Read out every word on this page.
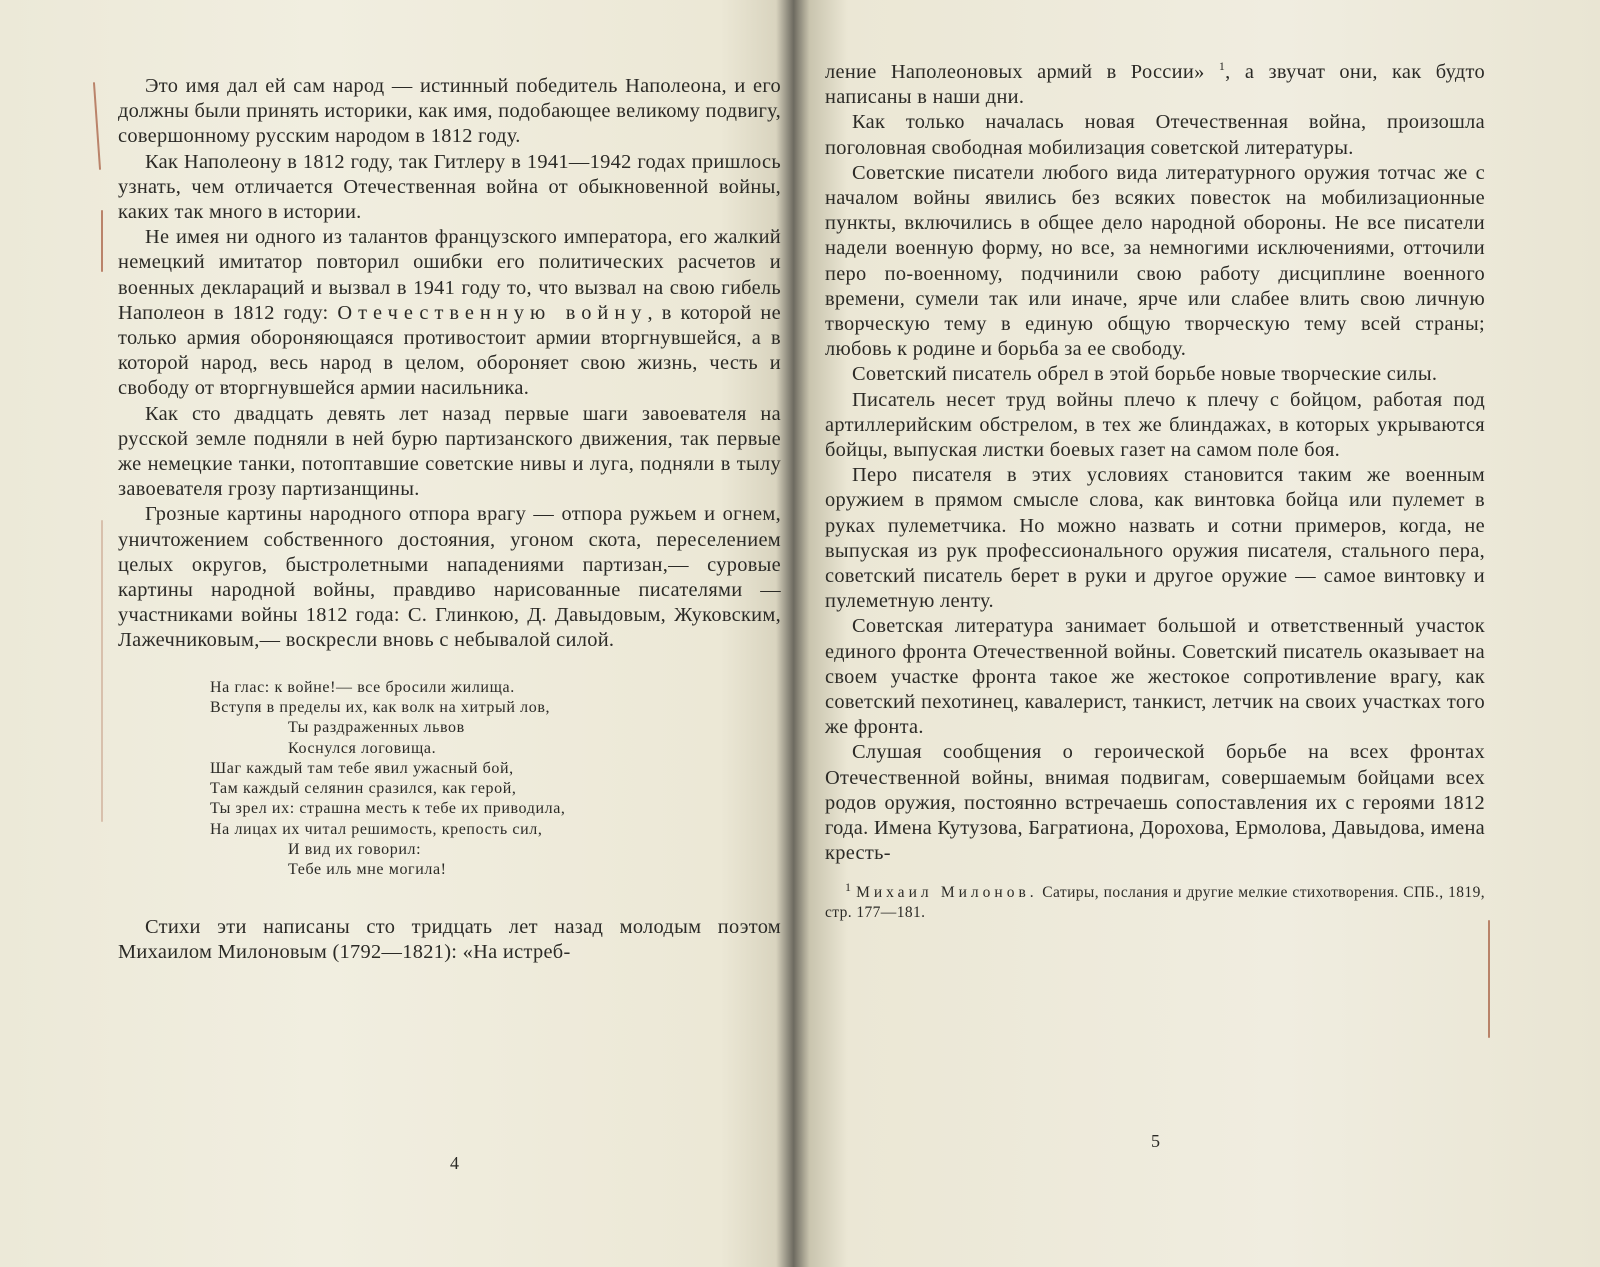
Это имя дал ей сам народ — истинный победитель Наполеона, и его должны были принять историки, как имя, подобающее великому подвигу, совершонному русским народом в 1812 году.

Как Наполеону в 1812 году, так Гитлеру в 1941—1942 годах пришлось узнать, чем отличается Отечественная война от обыкновенной войны, каких так много в истории.

Не имея ни одного из талантов французского императора, его жалкий немецкий имитатор повторил ошибки его политических расчетов и военных деклараций и вызвал в 1941 году то, что вызвал на свою гибель Наполеон в 1812 году: Отечественную войну, в которой не только армия обороняющаяся противостоит армии вторгнувшейся, а в которой народ, весь народ в целом, обороняет свою жизнь, честь и свободу от вторгнувшейся армии насильника.

Как сто двадцать девять лет назад первые шаги завоевателя на русской земле подняли в ней бурю партизанского движения, так первые же немецкие танки, потоптавшие советские нивы и луга, подняли в тылу завоевателя грозу партизанщины.

Грозные картины народного отпора врагу — отпора ружьем и огнем, уничтожением собственного достояния, угоном скота, переселением целых округов, быстролетными нападениями партизан,— суровые картины народной войны, правдиво нарисованные писателями — участниками войны 1812 года: С. Глинкою, Д. Давыдовым, Жуковским, Лажечниковым,— воскресли вновь с небывалой силой.

На глас: к войне!— все бросили жилища.
Вступя в пределы их, как волк на хитрый лов,
Ты раздраженных львов
Коснулся логовища.
Шаг каждый там тебе явил ужасный бой,
Там каждый селянин сразился, как герой,
Ты зрел их: страшна месть к тебе их приводила,
На лицах их читал решимость, крепость сил,
И вид их говорил:
Тебе иль мне могила!

Стихи эти написаны сто тридцать лет назад молодым поэтом Михаилом Милоновым (1792—1821): «На истреб-

4

ление Наполеоновых армий в России» $^1$, а звучат они, как будто написаны в наши дни.

Как только началась новая Отечественная война, произошла поголовная свободная мобилизация советской литературы.

Советские писатели любого вида литературного оружия тотчас же с началом войны явились без всяких повесток на мобилизационные пункты, включились в общее дело народной обороны. Не все писатели надели военную форму, но все, за немногими исключениями, отточили перо по-военному, подчинили свою работу дисциплине военного времени, сумели так или иначе, ярче или слабее влить свою личную творческую тему в единую общую творческую тему всей страны; любовь к родине и борьба за ее свободу.

Советский писатель обрел в этой борьбе новые творческие силы.

Писатель несет труд войны плечо к плечу с бойцом, работая под артиллерийским обстрелом, в тех же блиндажах, в которых укрываются бойцы, выпуская листки боевых газет на самом поле боя.

Перо писателя в этих условиях становится таким же военным оружием в прямом смысле слова, как винтовка бойца или пулемет в руках пулеметчика. Но можно назвать и сотни примеров, когда, не выпуская из рук профессионального оружия писателя, стального пера, советский писатель берет в руки и другое оружие — самое винтовку и пулеметную ленту.

Советская литература занимает большой и ответственный участок единого фронта Отечественной войны. Советский писатель оказывает на своем участке фронта такое же жестокое сопротивление врагу, как советский пехотинец, кавалерист, танкист, летчик на своих участках того же фронта.

Слушая сообщения о героической борьбе на всех фронтах Отечественной войны, внимая подвигам, совершаемым бойцами всех родов оружия, постоянно встречаешь сопоставления их с героями 1812 года. Имена Кутузова, Багратиона, Дорохова, Ермолова, Давыдова, имена кресть-

$^1$ Михаил Милонов. Сатиры, послания и другие мелкие стихотворения. СПБ., 1819, стр. 177—181.
5
